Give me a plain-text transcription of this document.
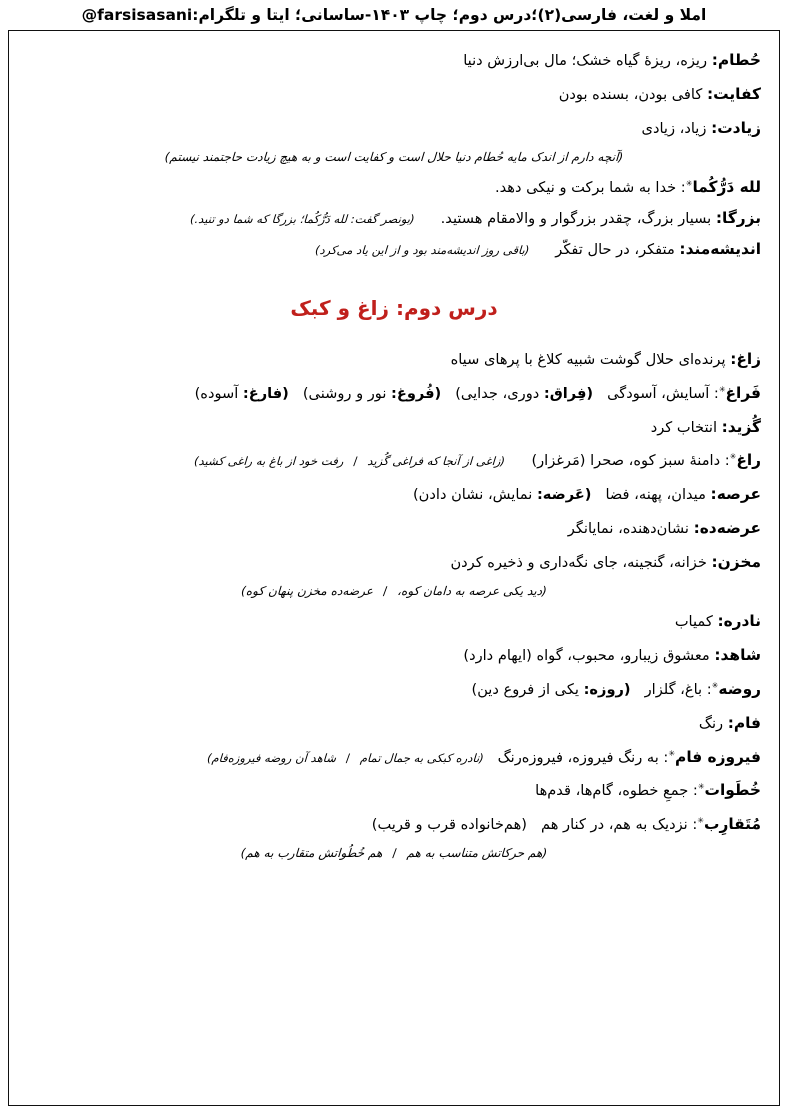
املا و لغت، فارسی(۲)؛درس دوم؛ چاپ ۱۴۰۳-ساسانی؛ ایتا و تلگرام:@farsisasani
حُطام: ریزه، ریزهٔ گیاه خشک؛ مال بی‌ارزش دنیا
کفایت: کافی بودن، بسنده بودن
زیادت: زیاد، زیادی
(آنچه دارم از اندک مایه حُطام دنیا حلال است و کفایت است و به هیچ زیادت حاجتمند نیستم)
لله دَرُّکُما✳: خدا به شما برکت و نیکی دهد.
بزرگا: بسیار بزرگ، چقدر بزرگوار و والامقام هستید.(بونصر گفت: لله دَرُّکُما؛ بزرگا که شما دو تنید.)
اندیشه‌مند: متفکر، در حال تفکّر(باقی روز اندیشه‌مند بود و از این یاد می‌کرد)
درس دوم: زاغ و کبک
زاغ: پرنده‌ای حلال گوشت شبیه کلاغ با پرهای سیاه
فَراغ✳: آسایش، آسودگی(فِراق: دوری، جدایی)(فُروغ: نور و روشنی)(فارغ: آسوده)
گُزید: انتخاب کرد
راغ✳: دامنهٔ سبز کوه، صحرا (مَرغزار)(زاغی از آنجا که فراغی گُزید/رفت خود از باغ به راغی کشید)
عرصه: میدان، پهنه، فضا(عَرضه: نمایش، نشان دادن)
عرضه‌ده: نشان‌دهنده، نمایانگر
مخزن: خزانه، گنجینه، جای نگه‌داری و ذخیره کردن
(دید یکی عرصه به دامان کوه،/عرضه‌ده مخزن پنهان کوه)
نادره: کمیاب
شاهد: معشوق زیبارو، محبوب، گواه (ایهام دارد)
روضه✳: باغ، گلزار(روزه: یکی از فروع دین)
فام: رنگ
فیروزه فام✳: به رنگ فیروزه، فیروزه‌رنگ(نادره کبکی به جمال تمام/شاهد آن روضه فیروزه‌فام)
خُطَوات✳: جمعِ خطوه، گام‌ها، قدم‌ها
مُتَقارِب✳: نزدیک به هم، در کنار هم(هم‌خانواده قرب و قریب)
(هم حرکاتش متناسب به هم/هم خُطُواتش متقارب به هم)
